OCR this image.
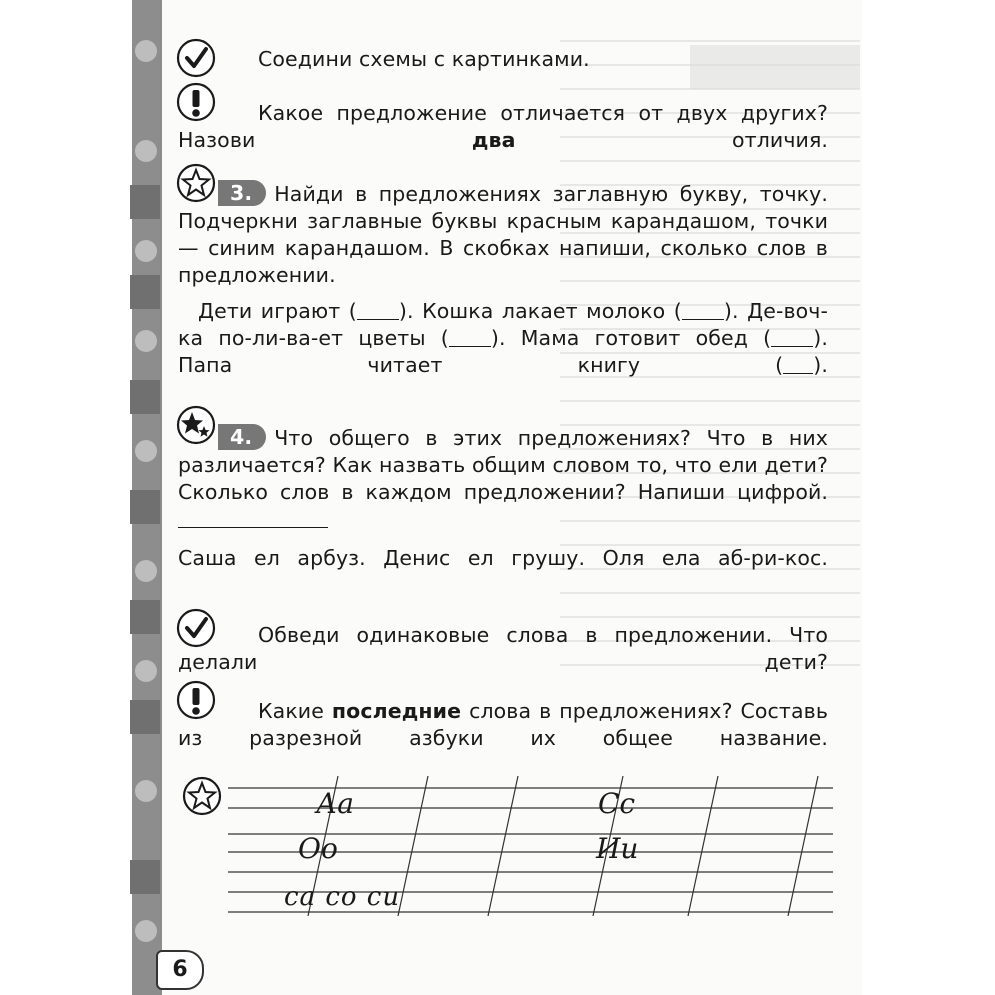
Соедини схемы с картинками.
Какое предложение отличается от двух других? Назови два отличия.
3. Найди в предложениях заглавную букву, точку. Подчеркни заглавные буквы красным карандашом, точки — синим карандашом. В скобках напиши, сколько слов в предложении.
Дети играют ( ). Кошка лакает молоко ( ). Де-воч-ка по-ли-ва-ет цветы ( ). Мама готовит обед ( ). Папа читает книгу ( ).
4. Что общего в этих предложениях? Что в них различается? Как назвать общим словом то, что ели дети? Сколько слов в каждом предложении? Напиши цифрой.
Саша ел арбуз. Денис ел грушу. Оля ела аб-ри-кос.
Обведи одинаковые слова в предложении. Что делали дети?
Какие последние слова в предложениях? Составь из разрезной азбуки их общее название.
Аа	Сс
Оо	Ии
са со си
6
